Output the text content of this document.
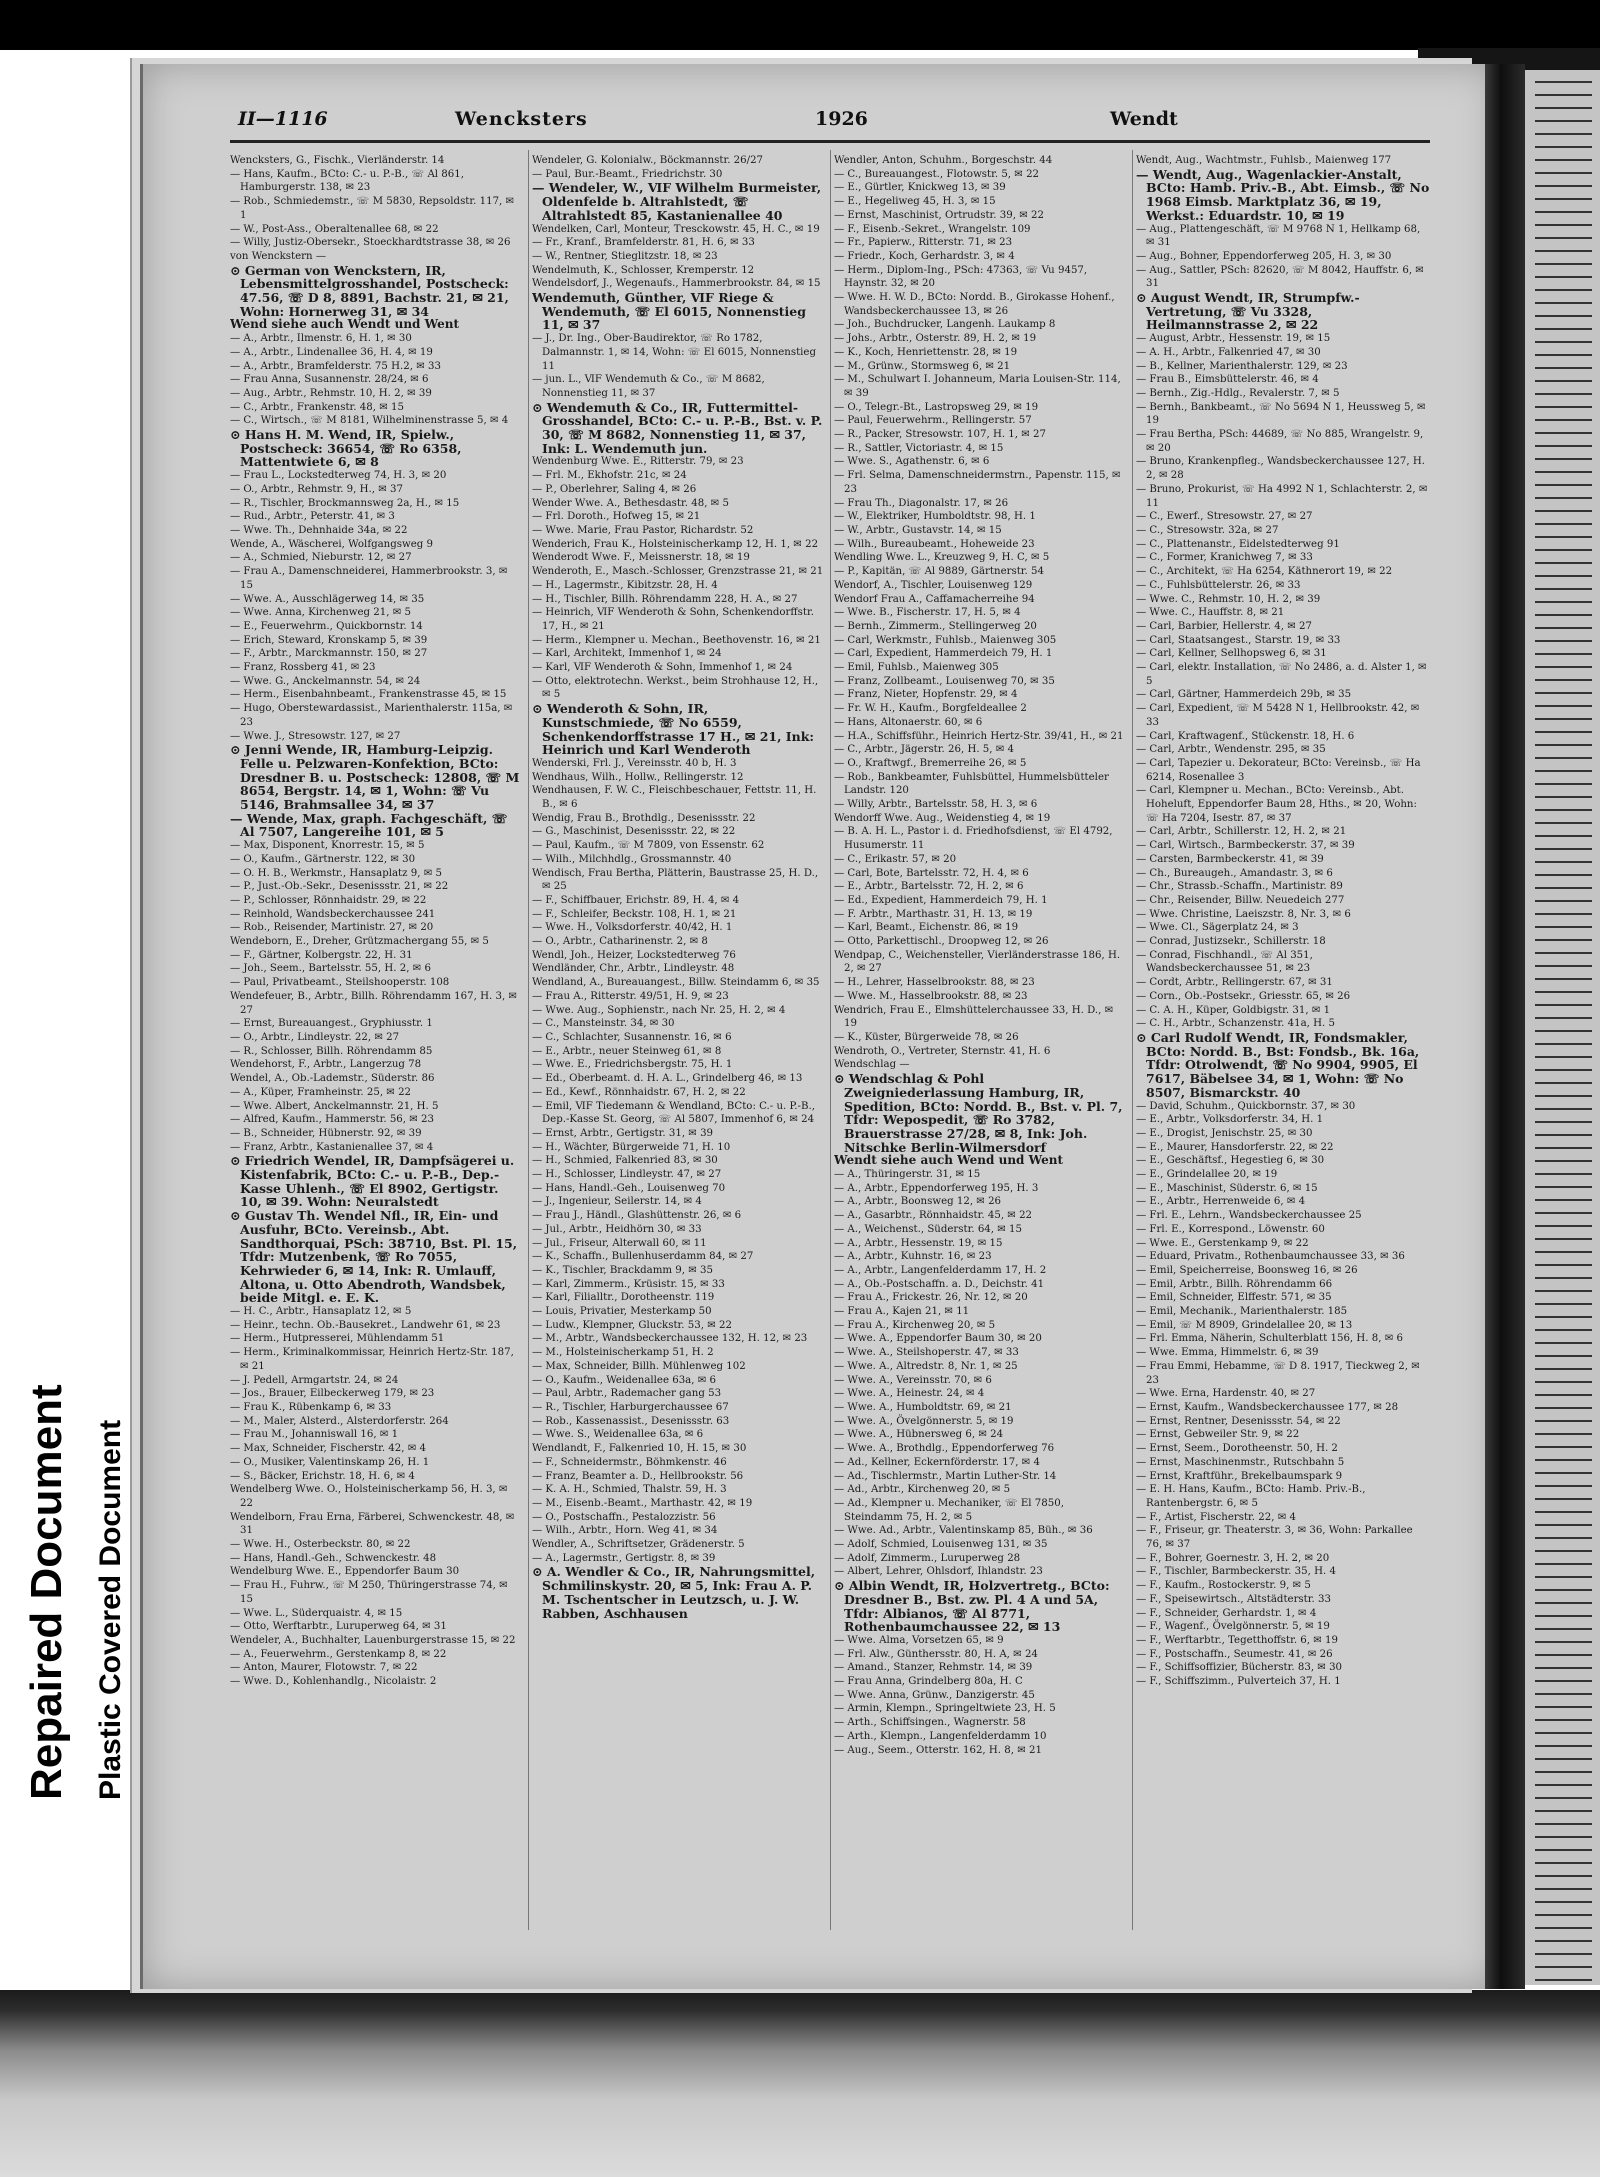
II—1116	Wencksters	1926	Wendt
Wencksters, G., Fischk., Vierländerstr. 14
— Hans, Kaufm., BCto: C.- u. P.-B., ☏ Al 861, Hamburgerstr. 138, ✉ 23
— Rob., Schmiedemstr., ☏ M 5830, Repsoldstr. 117, ✉ 1
— W., Post-Ass., Oberaltenallee 68, ✉ 22
— Willy, Justiz-Obersekr., Stoeckhardtstrasse 38, ✉ 26
von Wenckstern —
⊙ German von Wenckstern, IR, Lebensmittelgrosshandel, Postscheck: 47.56, ☏ D 8, 8891, Bachstr. 21, ✉ 21, Wohn: Hornerweg 31, ✉ 34
Wend siehe auch Wendt und Went
— A., Arbtr., Ilmenstr. 6, H. 1, ✉ 30
— A., Arbtr., Lindenallee 36, H. 4, ✉ 19
— A., Arbtr., Bramfelderstr. 75 H.2, ✉ 33
— Frau Anna, Susannenstr. 28/24, ✉ 6
— Aug., Arbtr., Rehmstr. 10, H. 2, ✉ 39
— C., Arbtr., Frankenstr. 48, ✉ 15
— C., Wirtsch., ☏ M 8181, Wilhelminenstrasse 5, ✉ 4
⊙ Hans H. M. Wend, IR, Spielw., Postscheck: 36654, ☏ Ro 6358, Mattentwiete 6, ✉ 8
— Frau L., Lockstedterweg 74, H. 3, ✉ 20
— O., Arbtr., Rehmstr. 9, H., ✉ 37
— R., Tischler, Brockmannsweg 2a, H., ✉ 15
— Rud., Arbtr., Peterstr. 41, ✉ 3
— Wwe. Th., Dehnhaide 34a, ✉ 22
Wende, A., Wäscherei, Wolfgangsweg 9
— A., Schmied, Nieburstr. 12, ✉ 27
— Frau A., Damenschneiderei, Hammerbrookstr. 3, ✉ 15
— Wwe. A., Ausschlägerweg 14, ✉ 35
— Wwe. Anna, Kirchenweg 21, ✉ 5
— E., Feuerwehrm., Quickbornstr. 14
— Erich, Steward, Kronskamp 5, ✉ 39
— F., Arbtr., Marckmannstr. 150, ✉ 27
— Franz, Rossberg 41, ✉ 23
— Wwe. G., Anckelmannstr. 54, ✉ 24
— Herm., Eisenbahnbeamt., Frankenstrasse 45, ✉ 15
— Hugo, Oberstewardassist., Marienthalerstr. 115a, ✉ 23
— Wwe. J., Stresowstr. 127, ✉ 27
⊙ Jenni Wende, IR, Hamburg-Leipzig. Felle u. Pelzwaren-Konfektion, BCto: Dresdner B. u. Postscheck: 12808, ☏ M 8654, Bergstr. 14, ✉ 1, Wohn: ☏ Vu 5146, Brahmsallee 34, ✉ 37
— Wende, Max, graph. Fachgeschäft, ☏ Al 7507, Langereihe 101, ✉ 5
— Max, Disponent, Knorrestr. 15, ✉ 5
— O., Kaufm., Gärtnerstr. 122, ✉ 30
— O. H. B., Werkmstr., Hansaplatz 9, ✉ 5
— P., Just.-Ob.-Sekr., Desenissstr. 21, ✉ 22
— P., Schlosser, Rönnhaidstr. 29, ✉ 22
— Reinhold, Wandsbeckerchaussee 241
— Rob., Reisender, Martinistr. 27, ✉ 20
Wendeborn, E., Dreher, Grützmachergang 55, ✉ 5
— F., Gärtner, Kolbergstr. 22, H. 31
— Joh., Seem., Bartelsstr. 55, H. 2, ✉ 6
— Paul, Privatbeamt., Steilshooperstr. 108
Wendefeuer, B., Arbtr., Billh. Röhrendamm 167, H. 3, ✉ 27
— Ernst, Bureauangest., Gryphiusstr. 1
— O., Arbtr., Lindleystr. 22, ✉ 27
— R., Schlosser, Billh. Röhrendamm 85
Wendehorst, F., Arbtr., Langerzug 78
Wendel, A., Ob.-Lademstr., Süderstr. 86
— A., Küper, Framheinstr. 25, ✉ 22
— Wwe. Albert, Anckelmannstr. 21, H. 5
— Alfred, Kaufm., Hammerstr. 56, ✉ 23
— B., Schneider, Hübnerstr. 92, ✉ 39
— Franz, Arbtr., Kastanienallee 37, ✉ 4
⊙ Friedrich Wendel, IR, Dampfsägerei u. Kistenfabrik, BCto: C.- u. P.-B., Dep.-Kasse Uhlenh., ☏ El 8902, Gertigstr. 10, ✉ 39. Wohn: Neuralstedt
⊙ Gustav Th. Wendel Nfl., IR, Ein- und Ausfuhr, BCto. Vereinsb., Abt. Sandthorquai, PSch: 38710, Bst. Pl. 15, Tfdr: Mutzenbenk, ☏ Ro 7055, Kehrwieder 6, ✉ 14, Ink: R. Umlauff, Altona, u. Otto Abendroth, Wandsbek, beide Mitgl. e. E. K.
— H. C., Arbtr., Hansaplatz 12, ✉ 5
— Heinr., techn. Ob.-Bausekret., Landwehr 61, ✉ 23
— Herm., Hutpresserei, Mühlendamm 51
— Herm., Kriminalkommissar, Heinrich Hertz-Str. 187, ✉ 21
— J. Pedell, Armgartstr. 24, ✉ 24
— Jos., Brauer, Eilbeckerweg 179, ✉ 23
— Frau K., Rübenkamp 6, ✉ 33
— M., Maler, Alsterd., Alsterdorferstr. 264
— Frau M., Johanniswall 16, ✉ 1
— Max, Schneider, Fischerstr. 42, ✉ 4
— O., Musiker, Valentinskamp 26, H. 1
— S., Bäcker, Erichstr. 18, H. 6, ✉ 4
Wendelberg Wwe. O., Holsteinischerkamp 56, H. 3, ✉ 22
Wendelborn, Frau Erna, Färberei, Schwenckestr. 48, ✉ 31
— Wwe. H., Osterbeckstr. 80, ✉ 22
— Hans, Handl.-Geh., Schwenckestr. 48
Wendelburg Wwe. E., Eppendorfer Baum 30
— Frau H., Fuhrw., ☏ M 250, Thüringerstrasse 74, ✉ 15
— Wwe. L., Süderquaistr. 4, ✉ 15
— Otto, Werftarbtr., Luruperweg 64, ✉ 31
Wendeler, A., Buchhalter, Lauenburgerstrasse 15, ✉ 22
— A., Feuerwehrm., Gerstenkamp 8, ✉ 22
— Anton, Maurer, Flotowstr. 7, ✉ 22
— Wwe. D., Kohlenhandlg., Nicolaistr. 2
Wendeler, G. Kolonialw., Böckmannstr. 26/27
— Paul, Bur.-Beamt., Friedrichstr. 30
— Wendeler, W., ⅥF Wilhelm Burmeister, Oldenfelde b. Altrahlstedt, ☏ Altrahlstedt 85, Kastanienallee 40
Wendelken, Carl, Monteur, Tresckowstr. 45, H. C., ✉ 19
— Fr., Kranf., Bramfelderstr. 81, H. 6, ✉ 33
— W., Rentner, Stieglitzstr. 18, ✉ 23
Wendelmuth, K., Schlosser, Kremperstr. 12
Wendelsdorf, J., Wegenaufs., Hammerbrookstr. 84, ✉ 15
Wendemuth, Günther, ⅥF Riege & Wendemuth, ☏ El 6015, Nonnenstieg 11, ✉ 37
— J., Dr. Ing., Ober-Baudirektor, ☏ Ro 1782, Dalmannstr. 1, ✉ 14, Wohn: ☏ El 6015, Nonnenstieg 11
— jun. L., ⅥF Wendemuth & Co., ☏ M 8682, Nonnenstieg 11, ✉ 37
⊙ Wendemuth & Co., IR, Futtermittel-Grosshandel, BCto: C.- u. P.-B., Bst. v. P. 30, ☏ M 8682, Nonnenstieg 11, ✉ 37, Ink: L. Wendemuth jun.
Wendenburg Wwe. E., Ritterstr. 79, ✉ 23
— Frl. M., Ekhofstr. 21c, ✉ 24
— P., Oberlehrer, Saling 4, ✉ 26
Wender Wwe. A., Bethesdastr. 48, ✉ 5
— Frl. Doroth., Hofweg 15, ✉ 21
— Wwe. Marie, Frau Pastor, Richardstr. 52
Wenderich, Frau K., Holsteinischerkamp 12, H. 1, ✉ 22
Wenderodt Wwe. F., Meissnerstr. 18, ✉ 19
Wenderoth, E., Masch.-Schlosser, Grenzstrasse 21, ✉ 21
— H., Lagermstr., Kibitzstr. 28, H. 4
— H., Tischler, Billh. Röhrendamm 228, H. A., ✉ 27
— Heinrich, ⅥF Wenderoth & Sohn, Schenkendorffstr. 17, H., ✉ 21
— Herm., Klempner u. Mechan., Beethovenstr. 16, ✉ 21
— Karl, Architekt, Immenhof 1, ✉ 24
— Karl, ⅥF Wenderoth & Sohn, Immenhof 1, ✉ 24
— Otto, elektrotechn. Werkst., beim Strohhause 12, H., ✉ 5
⊙ Wenderoth & Sohn, IR, Kunstschmiede, ☏ No 6559, Schenkendorffstrasse 17 H., ✉ 21, Ink: Heinrich und Karl Wenderoth
Wenderski, Frl. J., Vereinsstr. 40 b, H. 3
Wendhaus, Wilh., Hollw., Rellingerstr. 12
Wendhausen, F. W. C., Fleischbeschauer, Fettstr. 11, H. B., ✉ 6
Wendig, Frau B., Brothdlg., Desenissstr. 22
— G., Maschinist, Desenissstr. 22, ✉ 22
— Paul, Kaufm., ☏ M 7809, von Essenstr. 62
— Wilh., Milchhdlg., Grossmannstr. 40
Wendisch, Frau Bertha, Plätterin, Baustrasse 25, H. D., ✉ 25
— F., Schiffbauer, Erichstr. 89, H. 4, ✉ 4
— F., Schleifer, Beckstr. 108, H. 1, ✉ 21
— Wwe. H., Volksdorferstr. 40/42, H. 1
— O., Arbtr., Catharinenstr. 2, ✉ 8
Wendl, Joh., Heizer, Lockstedterweg 76
Wendländer, Chr., Arbtr., Lindleystr. 48
Wendland, A., Bureauangest., Billw. Steindamm 6, ✉ 35
— Frau A., Ritterstr. 49/51, H. 9, ✉ 23
— Wwe. Aug., Sophienstr., nach Nr. 25, H. 2, ✉ 4
— C., Mansteinstr. 34, ✉ 30
— C., Schlachter, Susannenstr. 16, ✉ 6
— E., Arbtr., neuer Steinweg 61, ✉ 8
— Wwe. E., Friedrichsbergstr. 75, H. 1
— Ed., Oberbeamt. d. H. A. L., Grindelberg 46, ✉ 13
— Ed., Kewf., Rönnhaidstr. 67, H. 2, ✉ 22
— Emil, ⅥF Tiedemann & Wendland, BCto: C.- u. P.-B., Dep.-Kasse St. Georg, ☏ Al 5807, Immenhof 6, ✉ 24
— Ernst, Arbtr., Gertigstr. 31, ✉ 39
— H., Wächter, Bürgerweide 71, H. 10
— H., Schmied, Falkenried 83, ✉ 30
— H., Schlosser, Lindleystr. 47, ✉ 27
— Hans, Handl.-Geh., Louisenweg 70
— J., Ingenieur, Seilerstr. 14, ✉ 4
— Frau J., Händl., Glashüttenstr. 26, ✉ 6
— Jul., Arbtr., Heidhörn 30, ✉ 33
— Jul., Friseur, Alterwall 60, ✉ 11
— K., Schaffn., Bullenhuserdamm 84, ✉ 27
— K., Tischler, Brackdamm 9, ✉ 35
— Karl, Zimmerm., Krüsistr. 15, ✉ 33
— Karl, Filialltr., Dorotheenstr. 119
— Louis, Privatier, Mesterkamp 50
— Ludw., Klempner, Gluckstr. 53, ✉ 22
— M., Arbtr., Wandsbeckerchaussee 132, H. 12, ✉ 23
— M., Holsteinischerkamp 51, H. 2
— Max, Schneider, Billh. Mühlenweg 102
— O., Kaufm., Weidenallee 63a, ✉ 6
— Paul, Arbtr., Rademacher gang 53
— R., Tischler, Harburgerchaussee 67
— Rob., Kassenassist., Desenissstr. 63
— Wwe. S., Weidenallee 63a, ✉ 6
Wendlandt, F., Falkenried 10, H. 15, ✉ 30
— F., Schneidermstr., Böhmkenstr. 46
— Franz, Beamter a. D., Hellbrookstr. 56
— K. A. H., Schmied, Thalstr. 59, H. 3
— M., Eisenb.-Beamt., Marthastr. 42, ✉ 19
— O., Postschaffn., Pestalozzistr. 56
— Wilh., Arbtr., Horn. Weg 41, ✉ 34
Wendler, A., Schriftsetzer, Grädenerstr. 5
— A., Lagermstr., Gertigstr. 8, ✉ 39
⊙ A. Wendler & Co., IR, Nahrungsmittel, Schmilinskystr. 20, ✉ 5, Ink: Frau A. P. M. Tschentscher in Leutzsch, u. J. W. Rabben, Aschhausen
Wendler, Anton, Schuhm., Borgeschstr. 44
— C., Bureauangest., Flotowstr. 5, ✉ 22
— E., Gürtler, Knickweg 13, ✉ 39
— E., Hegeliweg 45, H. 3, ✉ 15
— Ernst, Maschinist, Ortrudstr. 39, ✉ 22
— F., Eisenb.-Sekret., Wrangelstr. 109
— Fr., Papierw., Ritterstr. 71, ✉ 23
— Friedr., Koch, Gerhardstr. 3, ✉ 4
— Herm., Diplom-Ing., PSch: 47363, ☏ Vu 9457, Haynstr. 32, ✉ 20
— Wwe. H. W. D., BCto: Nordd. B., Girokasse Hohenf., Wandsbeckerchaussee 13, ✉ 26
— Joh., Buchdrucker, Langenh. Laukamp 8
— Johs., Arbtr., Osterstr. 89, H. 2, ✉ 19
— K., Koch, Henriettenstr. 28, ✉ 19
— M., Grünw., Stormsweg 6, ✉ 21
— M., Schulwart I. Johanneum, Maria Louisen-Str. 114, ✉ 39
— O., Telegr.-Bt., Lastropsweg 29, ✉ 19
— Paul, Feuerwehrm., Rellingerstr. 57
— R., Packer, Stresowstr. 107, H. 1, ✉ 27
— R., Sattler, Victoriastr. 4, ✉ 15
— Wwe. S., Agathenstr. 6, ✉ 6
— Frl. Selma, Damenschneidermstrn., Papenstr. 115, ✉ 23
— Frau Th., Diagonalstr. 17, ✉ 26
— W., Elektriker, Humboldtstr. 98, H. 1
— W., Arbtr., Gustavstr. 14, ✉ 15
— Wilh., Bureaubeamt., Hoheweide 23
Wendling Wwe. L., Kreuzweg 9, H. C, ✉ 5
— P., Kapitän, ☏ Al 9889, Gärtnerstr. 54
Wendorf, A., Tischler, Louisenweg 129
Wendorf Frau A., Caffamacherreihe 94
— Wwe. B., Fischerstr. 17, H. 5, ✉ 4
— Bernh., Zimmerm., Stellingerweg 20
— Carl, Werkmstr., Fuhlsb., Maienweg 305
— Carl, Expedient, Hammerdeich 79, H. 1
— Emil, Fuhlsb., Maienweg 305
— Franz, Zollbeamt., Louisenweg 70, ✉ 35
— Franz, Nieter, Hopfenstr. 29, ✉ 4
— Fr. W. H., Kaufm., Borgfeldeallee 2
— Hans, Altonaerstr. 60, ✉ 6
— H.A., Schiffsführ., Heinrich Hertz-Str. 39/41, H., ✉ 21
— C., Arbtr., Jägerstr. 26, H. 5, ✉ 4
— O., Kraftwgf., Bremerreihe 26, ✉ 5
— Rob., Bankbeamter, Fuhlsbüttel, Hummelsbütteler Landstr. 120
— Willy, Arbtr., Bartelsstr. 58, H. 3, ✉ 6
Wendorff Wwe. Aug., Weidenstieg 4, ✉ 19
— B. A. H. L., Pastor i. d. Friedhofsdienst, ☏ El 4792, Husumerstr. 11
— C., Erikastr. 57, ✉ 20
— Carl, Bote, Bartelsstr. 72, H. 4, ✉ 6
— E., Arbtr., Bartelsstr. 72, H. 2, ✉ 6
— Ed., Expedient, Hammerdeich 79, H. 1
— F. Arbtr., Marthastr. 31, H. 13, ✉ 19
— Karl, Beamt., Eichenstr. 86, ✉ 19
— Otto, Parkettischl., Droopweg 12, ✉ 26
Wendpap, C., Weichensteller, Vierländerstrasse 186, H. 2, ✉ 27
— H., Lehrer, Hasselbrookstr. 88, ✉ 23
— Wwe. M., Hasselbrookstr. 88, ✉ 23
Wendrich, Frau E., Elmshüttelerchaussee 33, H. D., ✉ 19
— K., Küster, Bürgerweide 78, ✉ 26
Wendroth, O., Vertreter, Sternstr. 41, H. 6
Wendschlag —
⊙ Wendschlag & Pohl Zweigniederlassung Hamburg, IR, Spedition, BCto: Nordd. B., Bst. v. Pl. 7, Tfdr: Wepospedit, ☏ Ro 3782, Brauerstrasse 27/28, ✉ 8, Ink: Joh. Nitschke Berlin-Wilmersdorf
Wendt siehe auch Wend und Went
— A., Thüringerstr. 31, ✉ 15
— A., Arbtr., Eppendorferweg 195, H. 3
— A., Arbtr., Boonsweg 12, ✉ 26
— A., Gasarbtr., Rönnhaidstr. 45, ✉ 22
— A., Weichenst., Süderstr. 64, ✉ 15
— A., Arbtr., Hessenstr. 19, ✉ 15
— A., Arbtr., Kuhnstr. 16, ✉ 23
— A., Arbtr., Langenfelderdamm 17, H. 2
— A., Ob.-Postschaffn. a. D., Deichstr. 41
— Frau A., Frickestr. 26, Nr. 12, ✉ 20
— Frau A., Kajen 21, ✉ 11
— Frau A., Kirchenweg 20, ✉ 5
— Wwe. A., Eppendorfer Baum 30, ✉ 20
— Wwe. A., Steilshoperstr. 47, ✉ 33
— Wwe. A., Altredstr. 8, Nr. 1, ✉ 25
— Wwe. A., Vereinsstr. 70, ✉ 6
— Wwe. A., Heinestr. 24, ✉ 4
— Wwe. A., Humboldtstr. 69, ✉ 21
— Wwe. A., Övelgönnerstr. 5, ✉ 19
— Wwe. A., Hübnersweg 6, ✉ 24
— Wwe. A., Brothdlg., Eppendorferweg 76
— Ad., Kellner, Eckernförderstr. 17, ✉ 4
— Ad., Tischlermstr., Martin Luther-Str. 14
— Ad., Arbtr., Kirchenweg 20, ✉ 5
— Ad., Klempner u. Mechaniker, ☏ El 7850, Steindamm 75, H. 2, ✉ 5
— Wwe. Ad., Arbtr., Valentinskamp 85, Büh., ✉ 36
— Adolf, Schmied, Louisenweg 131, ✉ 35
— Adolf, Zimmerm., Luruperweg 28
— Albert, Lehrer, Ohlsdorf, Ihlandstr. 23
⊙ Albin Wendt, IR, Holzvertretg., BCto: Dresdner B., Bst. zw. Pl. 4 A und 5A, Tfdr: Albianos, ☏ Al 8771, Rothenbaumchaussee 22, ✉ 13
— Wwe. Alma, Vorsetzen 65, ✉ 9
— Frl. Alw., Günthersstr. 80, H. A, ✉ 24
— Amand., Stanzer, Rehmstr. 14, ✉ 39
— Frau Anna, Grindelberg 80a, H. C
— Wwe. Anna, Grünw., Danzigerstr. 45
— Armin, Klempn., Springeltwiete 23, H. 5
— Arth., Schiffsingen., Wagnerstr. 58
— Arth., Klempn., Langenfelderdamm 10
— Aug., Seem., Otterstr. 162, H. 8, ✉ 21
Wendt, Aug., Wachtmstr., Fuhlsb., Maienweg 177
— Wendt, Aug., Wagenlackier-Anstalt, BCto: Hamb. Priv.-B., Abt. Eimsb., ☏ No 1968 Eimsb. Marktplatz 36, ✉ 19, Werkst.: Eduardstr. 10, ✉ 19
— Aug., Plattengeschäft, ☏ M 9768 N 1, Hellkamp 68, ✉ 31
— Aug., Bohner, Eppendorferweg 205, H. 3, ✉ 30
— Aug., Sattler, PSch: 82620, ☏ M 8042, Hauffstr. 6, ✉ 31
⊙ August Wendt, IR, Strumpfw.-Vertretung, ☏ Vu 3328, Heilmannstrasse 2, ✉ 22
— August, Arbtr., Hessenstr. 19, ✉ 15
— A. H., Arbtr., Falkenried 47, ✉ 30
— B., Kellner, Marienthalerstr. 129, ✉ 23
— Frau B., Eimsbüttelerstr. 46, ✉ 4
— Bernh., Zig.-Hdlg., Revalerstr. 7, ✉ 5
— Bernh., Bankbeamt., ☏ No 5694 N 1, Heussweg 5, ✉ 19
— Frau Bertha, PSch: 44689, ☏ No 885, Wrangelstr. 9, ✉ 20
— Bruno, Krankenpfleg., Wandsbeckerchaussee 127, H. 2, ✉ 28
— Bruno, Prokurist, ☏ Ha 4992 N 1, Schlachterstr. 2, ✉ 11
— C., Ewerf., Stresowstr. 27, ✉ 27
— C., Stresowstr. 32a, ✉ 27
— C., Plattenanstr., Eidelstedterweg 91
— C., Former, Kranichweg 7, ✉ 33
— C., Architekt, ☏ Ha 6254, Käthnerort 19, ✉ 22
— C., Fuhlsbüttelerstr. 26, ✉ 33
— Wwe. C., Rehmstr. 10, H. 2, ✉ 39
— Wwe. C., Hauffstr. 8, ✉ 21
— Carl, Barbier, Hellerstr. 4, ✉ 27
— Carl, Staatsangest., Starstr. 19, ✉ 33
— Carl, Kellner, Sellhopsweg 6, ✉ 31
— Carl, elektr. Installation, ☏ No 2486, a. d. Alster 1, ✉ 5
— Carl, Gärtner, Hammerdeich 29b, ✉ 35
— Carl, Expedient, ☏ M 5428 N 1, Hellbrookstr. 42, ✉ 33
— Carl, Kraftwagenf., Stückenstr. 18, H. 6
— Carl, Arbtr., Wendenstr. 295, ✉ 35
— Carl, Tapezier u. Dekorateur, BCto: Vereinsb., ☏ Ha 6214, Rosenallee 3
— Carl, Klempner u. Mechan., BCto: Vereinsb., Abt. Hoheluft, Eppendorfer Baum 28, Hths., ✉ 20, Wohn: ☏ Ha 7204, Isestr. 87, ✉ 37
— Carl, Arbtr., Schillerstr. 12, H. 2, ✉ 21
— Carl, Wirtsch., Barmbeckerstr. 37, ✉ 39
— Carsten, Barmbeckerstr. 41, ✉ 39
— Ch., Bureaugeh., Amandastr. 3, ✉ 6
— Chr., Strassb.-Schaffn., Martinistr. 89
— Chr., Reisender, Billw. Neuedeich 277
— Wwe. Christine, Laeiszstr. 8, Nr. 3, ✉ 6
— Wwe. Cl., Sägerplatz 24, ✉ 3
— Conrad, Justizsekr., Schillerstr. 18
— Conrad, Fischhandl., ☏ Al 351, Wandsbeckerchaussee 51, ✉ 23
— Cordt, Arbtr., Rellingerstr. 67, ✉ 31
— Corn., Ob.-Postsekr., Griesstr. 65, ✉ 26
— C. A. H., Küper, Goldbigstr. 31, ✉ 1
— C. H., Arbtr., Schanzenstr. 41a, H. 5
⊙ Carl Rudolf Wendt, IR, Fondsmakler, BCto: Nordd. B., Bst: Fondsb., Bk. 16a, Tfdr: Otrolwendt, ☏ No 9904, 9905, El 7617, Bäbelsee 34, ✉ 1, Wohn: ☏ No 8507, Bismarckstr. 40
— David, Schuhm., Quickbornstr. 37, ✉ 30
— E., Arbtr., Volksdorferstr. 34, H. 1
— E., Drogist, Jenischstr. 25, ✉ 30
— E., Maurer, Hansdorferstr. 22, ✉ 22
— E., Geschäftsf., Hegestieg 6, ✉ 30
— E., Grindelallee 20, ✉ 19
— E., Maschinist, Süderstr. 6, ✉ 15
— E., Arbtr., Herrenweide 6, ✉ 4
— Frl. E., Lehrn., Wandsbeckerchaussee 25
— Frl. E., Korrespond., Löwenstr. 60
— Wwe. E., Gerstenkamp 9, ✉ 22
— Eduard, Privatm., Rothenbaumchaussee 33, ✉ 36
— Emil, Speicherreise, Boonsweg 16, ✉ 26
— Emil, Arbtr., Billh. Röhrendamm 66
— Emil, Schneider, Elffestr. 571, ✉ 35
— Emil, Mechanik., Marienthalerstr. 185
— Emil, ☏ M 8909, Grindelallee 20, ✉ 13
— Frl. Emma, Näherin, Schulterblatt 156, H. 8, ✉ 6
— Wwe. Emma, Himmelstr. 6, ✉ 39
— Frau Emmi, Hebamme, ☏ D 8. 1917, Tieckweg 2, ✉ 23
— Wwe. Erna, Hardenstr. 40, ✉ 27
— Ernst, Kaufm., Wandsbeckerchaussee 177, ✉ 28
— Ernst, Rentner, Desenissstr. 54, ✉ 22
— Ernst, Gebweiler Str. 9, ✉ 22
— Ernst, Seem., Dorotheenstr. 50, H. 2
— Ernst, Maschinenmstr., Rutschbahn 5
— Ernst, Kraftführ., Brekelbaumspark 9
— E. H. Hans, Kaufm., BCto: Hamb. Priv.-B., Rantenbergstr. 6, ✉ 5
— F., Artist, Fischerstr. 22, ✉ 4
— F., Friseur, gr. Theaterstr. 3, ✉ 36, Wohn: Parkallee 76, ✉ 37
— F., Bohrer, Goernestr. 3, H. 2, ✉ 20
— F., Tischler, Barmbeckerstr. 35, H. 4
— F., Kaufm., Rostockerstr. 9, ✉ 5
— F., Speisewirtsch., Altstädterstr. 33
— F., Schneider, Gerhardstr. 1, ✉ 4
— F., Wagenf., Övelgönnerstr. 5, ✉ 19
— F., Werftarbtr., Tegetthoffstr. 6, ✉ 19
— F., Postschaffn., Seumestr. 41, ✉ 26
— F., Schiffsoffizier, Bücherstr. 83, ✉ 30
— F., Schiffszimm., Pulverteich 37, H. 1
Repaired Document Plastic Covered Document
